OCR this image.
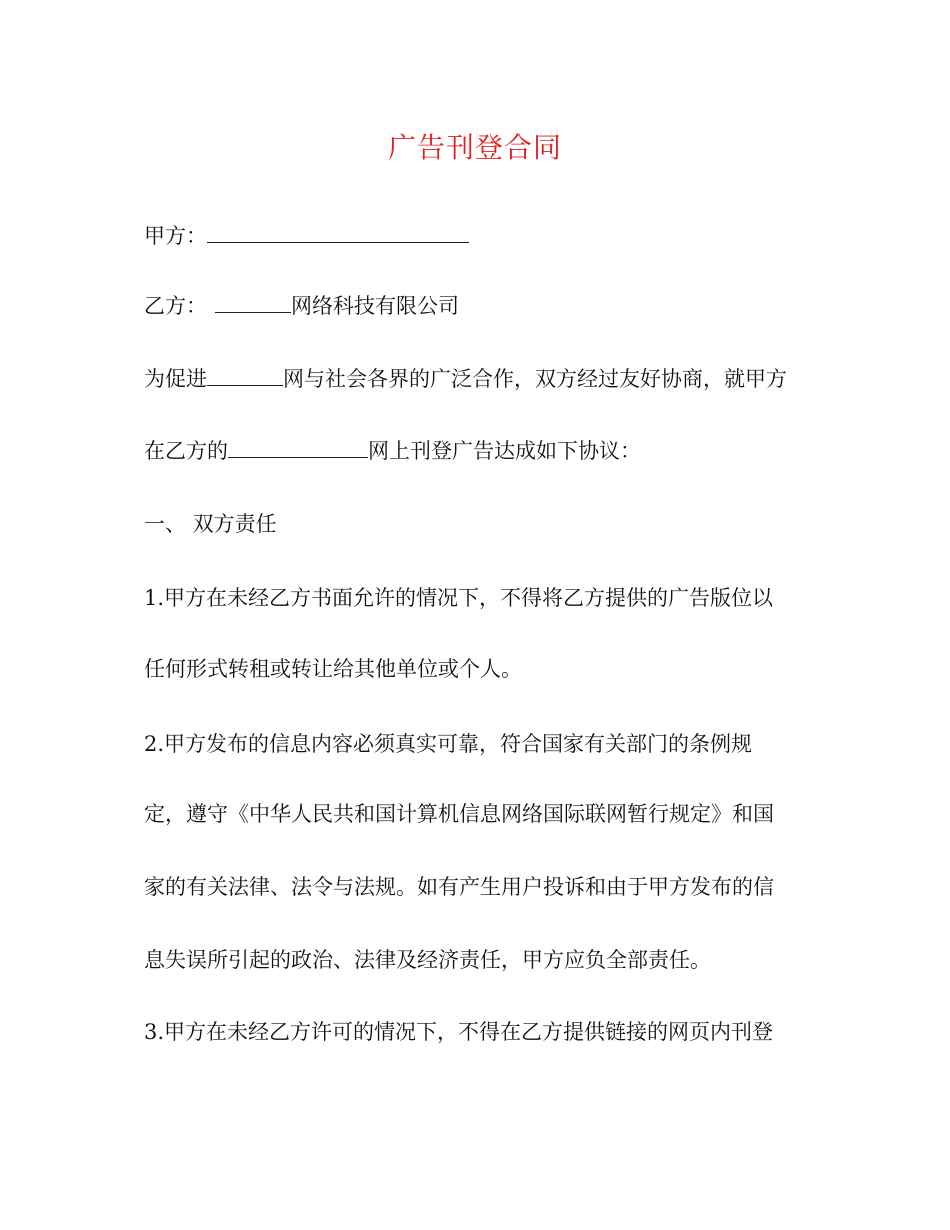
广告刊登合同
甲方：
乙方：	网络科技有限公司
为促进	网与社会各界的广泛合作，双方经过友好协商，就甲方
在乙方的	网上刊登广告达成如下协议：
一、 双方责任
1.甲方在未经乙方书面允许的情况下，不得将乙方提供的广告版位以
任何形式转租或转让给其他单位或个人。
2.甲方发布的信息内容必须真实可靠，符合国家有关部门的条例规
定，遵守《中华人民共和国计算机信息网络国际联网暂行规定》和国
家的有关法律、法令与法规。如有产生用户投诉和由于甲方发布的信
息失误所引起的政治、法律及经济责任，甲方应负全部责任。
3.甲方在未经乙方许可的情况下，不得在乙方提供链接的网页内刊登
